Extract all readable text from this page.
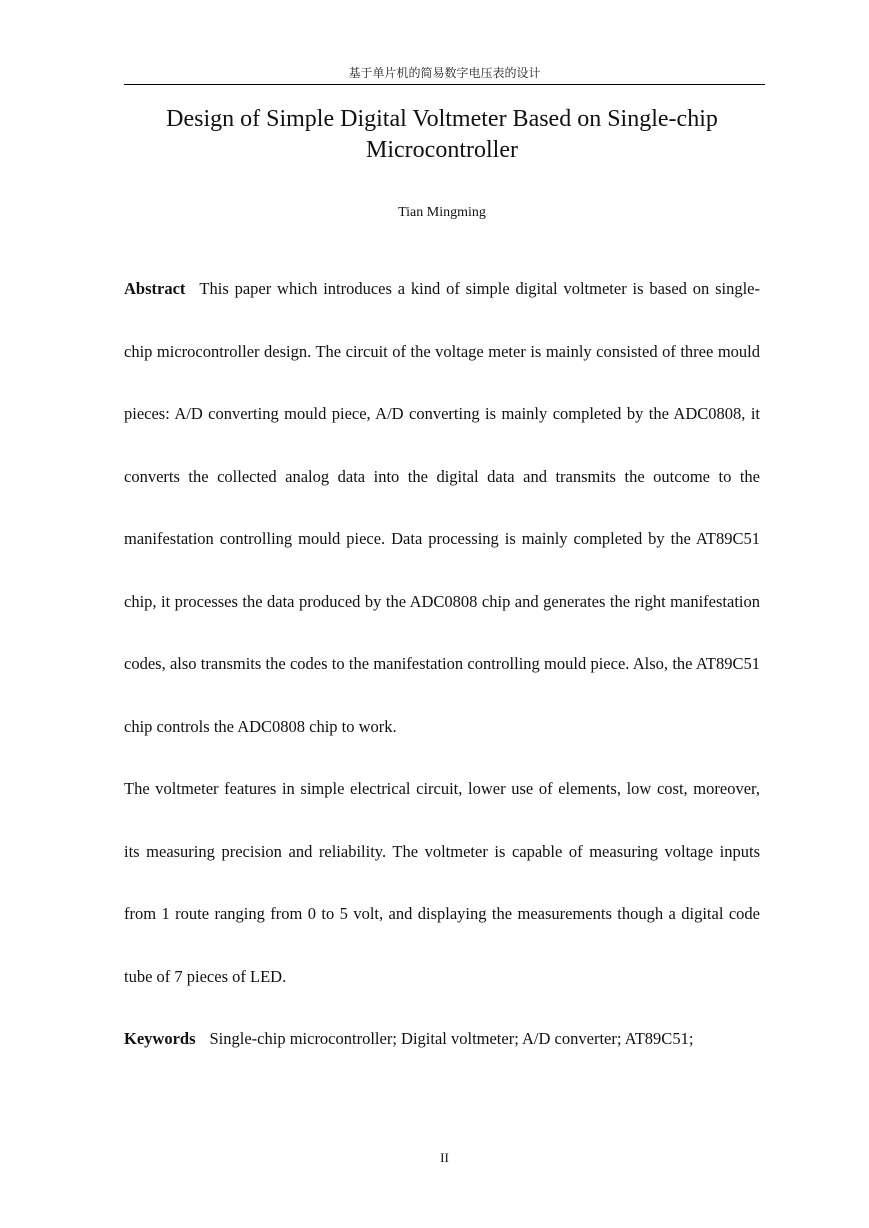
基于单片机的简易数字电压表的设计
Design of Simple Digital Voltmeter Based on Single-chip
Microcontroller
Tian Mingming

Abstract This paper which introduces a kind of simple digital voltmeter is based on single-chip microcontroller design. The circuit of the voltage meter is mainly consisted of three mould pieces: A/D converting mould piece, A/D converting is mainly completed by the ADC0808, it converts the collected analog data into the digital data and transmits the outcome to the manifestation controlling mould piece. Data processing is mainly completed by the AT89C51 chip, it processes the data produced by the ADC0808 chip and generates the right manifestation codes, also transmits the codes to the manifestation controlling mould piece. Also, the AT89C51 chip controls the ADC0808 chip to work.

The voltmeter features in simple electrical circuit, lower use of elements, low cost, moreover, its measuring precision and reliability. The voltmeter is capable of measuring voltage inputs from 1 route ranging from 0 to 5 volt, and displaying the measurements though a digital code tube of 7 pieces of LED.

Keywords Single-chip microcontroller; Digital voltmeter; A/D converter; AT89C51;

II
